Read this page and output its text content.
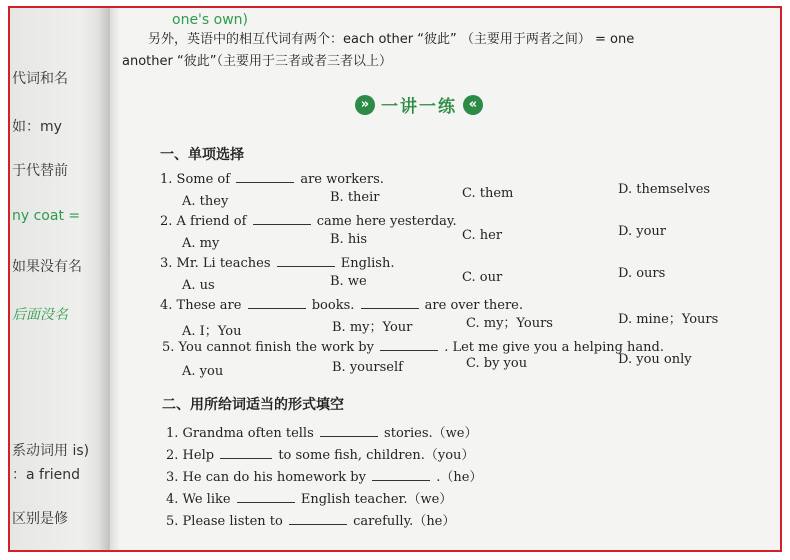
代词和名
如：my
于代替前
ny coat =
如果没有名
后面没名
系动词用 is)
：a friend
区别是修
one's own)
另外，英语中的相互代词有两个：each other “彼此” （主要用于两者之间） = one
another “彼此”（主要用于三者或者三者以上）
» 一讲一练 «
一、单项选择
1. Some of	are workers.
A. they	B. their	C. them	D. themselves
2. A friend of	came here yesterday.
A. my	B. his	C. her	D. your
3. Mr. Li teaches	English.
A. us	B. we	C. our	D. ours
4. These are	books.	are over there.
A. I；You	B. my；Your	C. my；Yours	D. mine；Yours
5. You cannot finish the work by	. Let me give you a helping hand.
A. you	B. yourself	C. by you	D. you only
二、用所给词适当的形式填空
1. Grandma often tells	stories.（we）
2. Help	to some fish, children.（you）
3. He can do his homework by	.（he）
4. We like	English teacher.（we）
5. Please listen to	carefully.（he）
